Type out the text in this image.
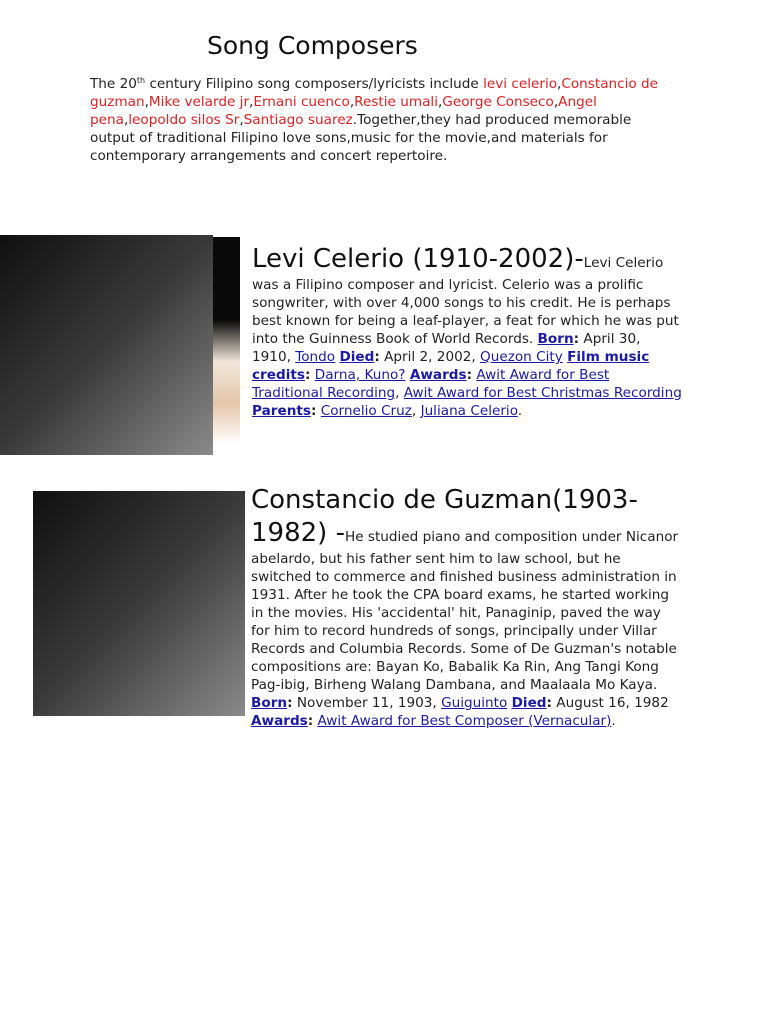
Song Composers

The 20th century Filipino song composers/lyricists include levi celerio,Constancio de guzman,Mike velarde jr,Ernani cuenco,Restie umali,George Conseco,Angel pena,leopoldo silos Sr,Santiago suarez.Together,they had produced memorable output of traditional Filipino love sons,music for the movie,and materials for contemporary arrangements and concert repertoire.

Levi Celerio (1910-2002)-Levi Celerio was a Filipino composer and lyricist. Celerio was a prolific songwriter, with over 4,000 songs to his credit. He is perhaps best known for being a leaf-player, a feat for which he was put into the Guinness Book of World Records. Born: April 30, 1910, Tondo Died: April 2, 2002, Quezon City Film music credits: Darna, Kuno? Awards: Awit Award for Best Traditional Recording, Awit Award for Best Christmas Recording Parents: Cornelio Cruz, Juliana Celerio.

Constancio de Guzman(1903-1982) -He studied piano and composition under Nicanor abelardo, but his father sent him to law school, but he switched to commerce and finished business administration in 1931. After he took the CPA board exams, he started working in the movies. His 'accidental' hit, Panaginip, paved the way for him to record hundreds of songs, principally under Villar Records and Columbia Records. Some of De Guzman's notable compositions are: Bayan Ko, Babalik Ka Rin, Ang Tangi Kong Pag-ibig, Birheng Walang Dambana, and Maalaala Mo Kaya. Born: November 11, 1903, Guiguinto Died: August 16, 1982 Awards: Awit Award for Best Composer (Vernacular).
